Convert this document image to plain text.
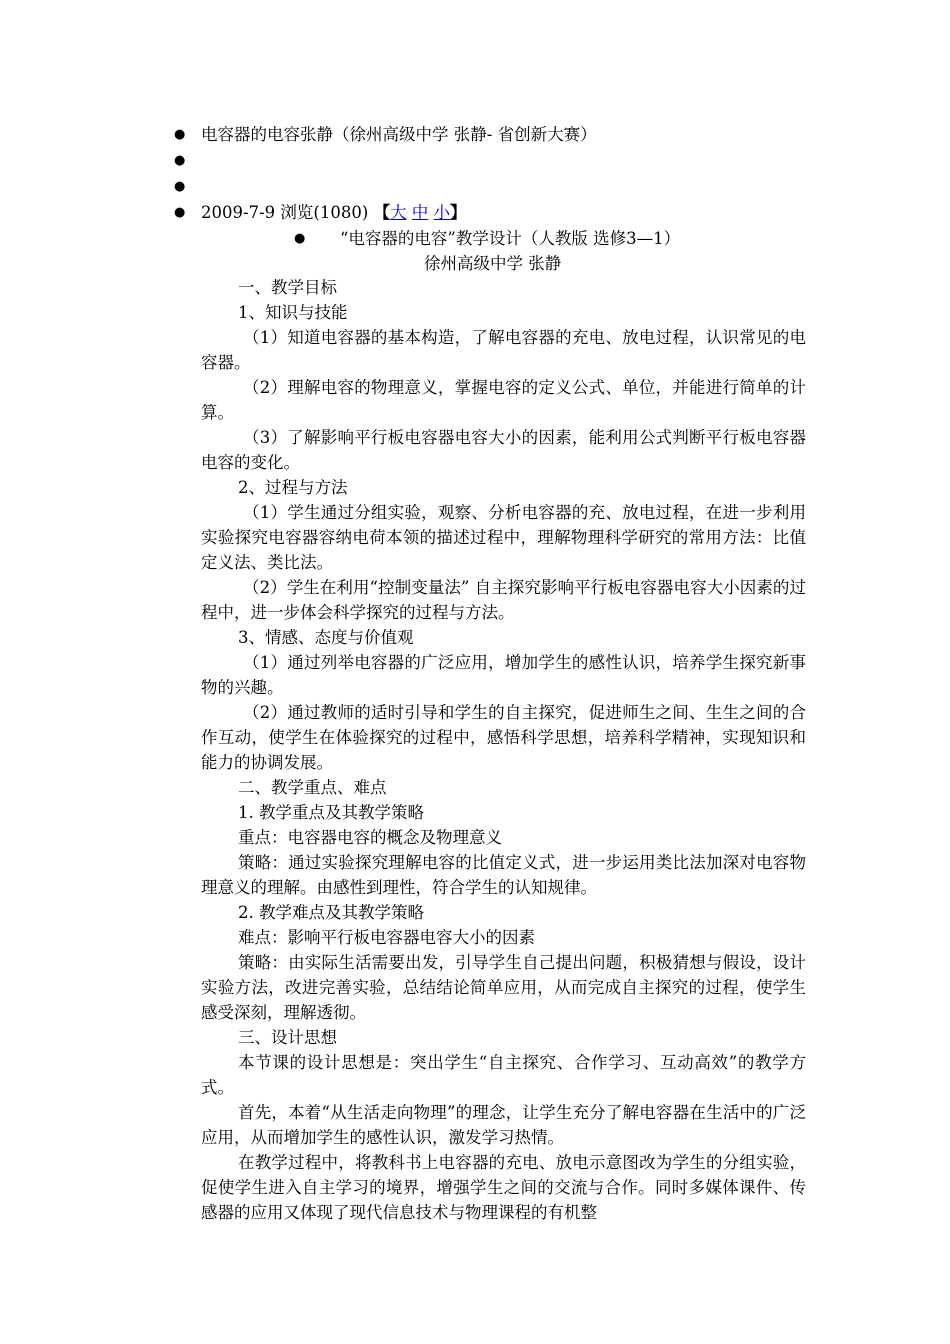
● 电容器的电容张静（徐州高级中学 张静- 省创新大赛）
●
●
● 2009-7-9 浏览(1080) 【大 中 小】
● “电容器的电容”教学设计（人教版 选修3—1）
徐州高级中学 张静

一、教学目标

1、知识与技能

（1）知道电容器的基本构造，了解电容器的充电、放电过程，认识常见的电容器。

（2）理解电容的物理意义，掌握电容的定义公式、单位，并能进行简单的计算。

（3）了解影响平行板电容器电容大小的因素，能利用公式判断平行板电容器电容的变化。

2、过程与方法

（1）学生通过分组实验，观察、分析电容器的充、放电过程，在进一步利用实验探究电容器容纳电荷本领的描述过程中，理解物理科学研究的常用方法：比值定义法、类比法。

（2）学生在利用“控制变量法” 自主探究影响平行板电容器电容大小因素的过程中，进一步体会科学探究的过程与方法。

3、情感、态度与价值观

（1）通过列举电容器的广泛应用，增加学生的感性认识，培养学生探究新事物的兴趣。

（2）通过教师的适时引导和学生的自主探究，促进师生之间、生生之间的合作互动，使学生在体验探究的过程中，感悟科学思想，培养科学精神，实现知识和能力的协调发展。

二、教学重点、难点

1. 教学重点及其教学策略

重点：电容器电容的概念及物理意义

策略：通过实验探究理解电容的比值定义式，进一步运用类比法加深对电容物理意义的理解。由感性到理性，符合学生的认知规律。

2. 教学难点及其教学策略

难点：影响平行板电容器电容大小的因素

策略：由实际生活需要出发，引导学生自己提出问题，积极猜想与假设，设计实验方法，改进完善实验，总结结论简单应用，从而完成自主探究的过程，使学生感受深刻，理解透彻。

三、设计思想

本节课的设计思想是：突出学生“自主探究、合作学习、互动高效”的教学方式。

首先，本着“从生活走向物理”的理念，让学生充分了解电容器在生活中的广泛应用，从而增加学生的感性认识，激发学习热情。

在教学过程中，将教科书上电容器的充电、放电示意图改为学生的分组实验，促使学生进入自主学习的境界，增强学生之间的交流与合作。同时多媒体课件、传感器的应用又体现了现代信息技术与物理课程的有机整
